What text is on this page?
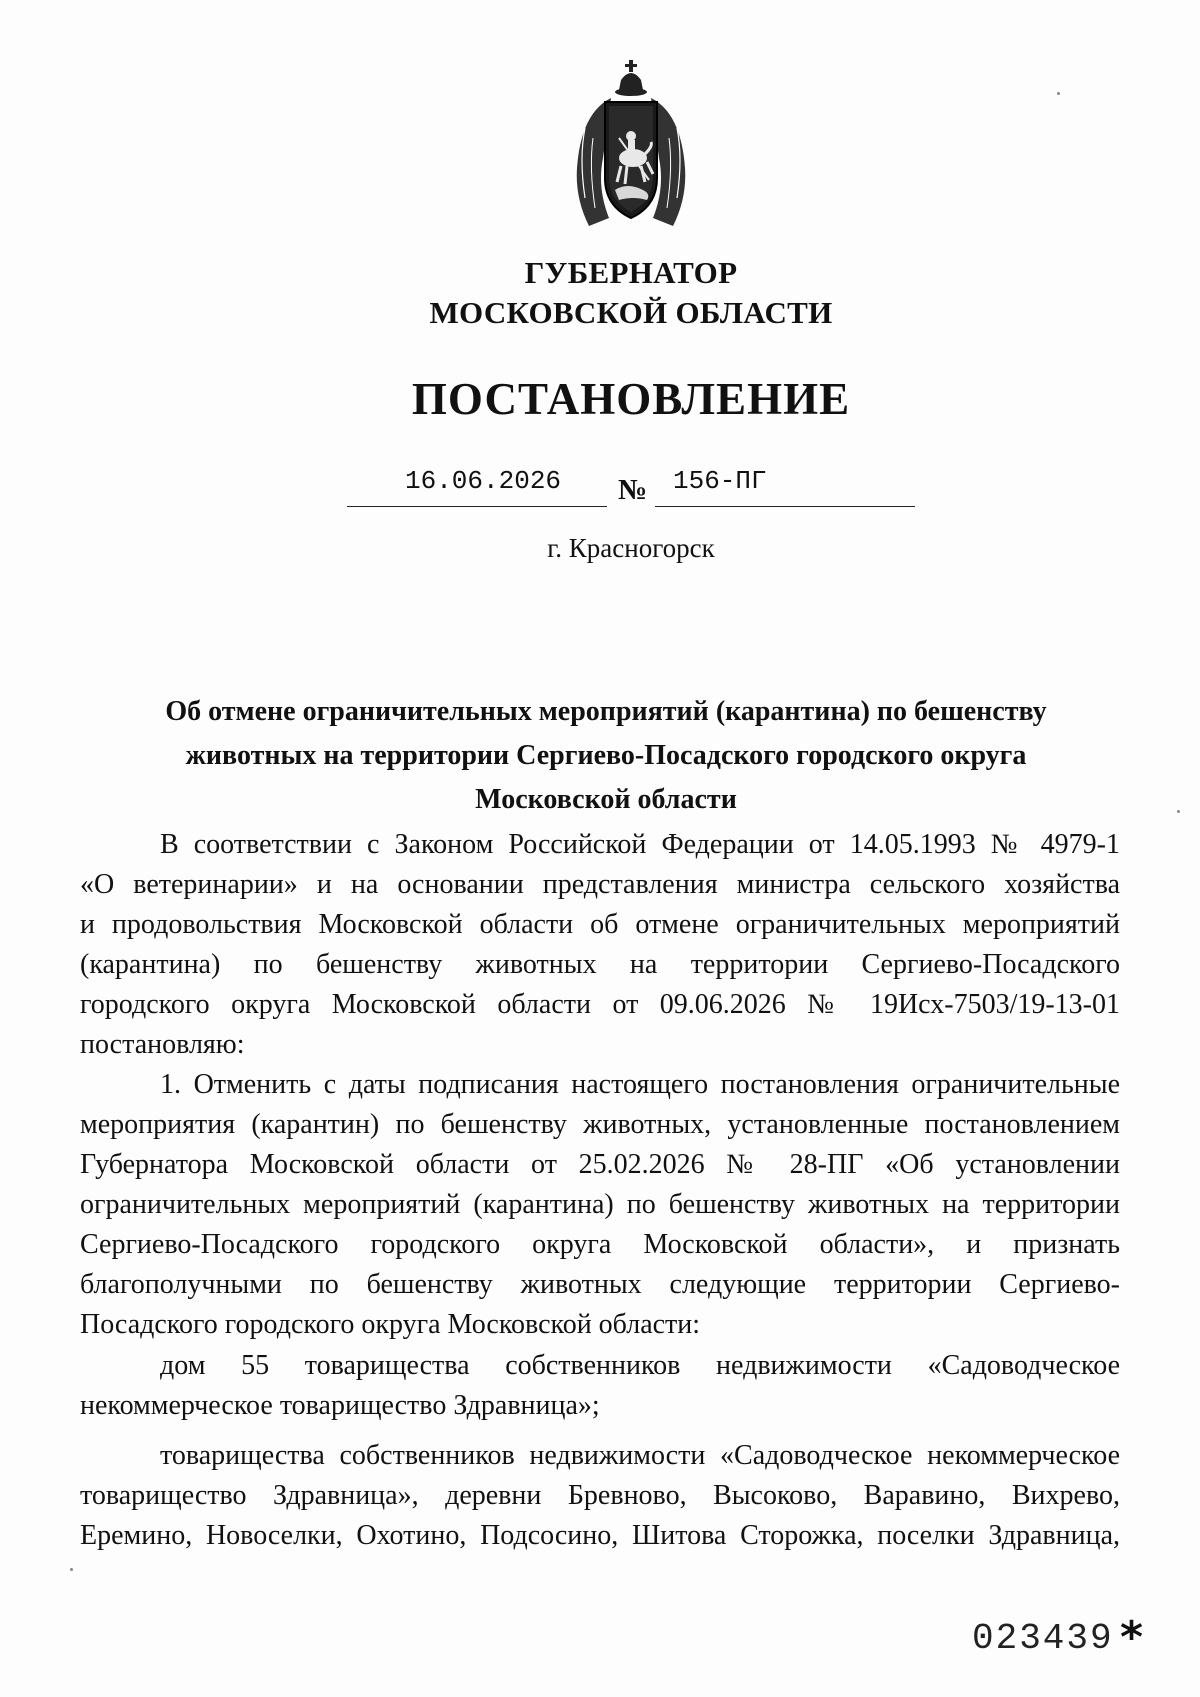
ГУБЕРНАТОР
МОСКОВСКОЙ ОБЛАСТИ
ПОСТАНОВЛЕНИЕ
16.06.2026 № 156-ПГ
г. Красногорск
Об отмене ограничительных мероприятий (карантина) по бешенству
животных на территории Сергиево-Посадского городского округа
Московской области
В соответствии с Законом Российской Федерации от 14.05.1993 № 4979-1
«О ветеринарии» и на основании представления министра сельского хозяйства
и продовольствия Московской области об отмене ограничительных мероприятий
(карантина) по бешенству животных на территории Сергиево-Посадского
городского округа Московской области от 09.06.2026 № 19Исх-7503/19-13-01
постановляю:
1. Отменить с даты подписания настоящего постановления ограничительные
мероприятия (карантин) по бешенству животных, установленные постановлением
Губернатора Московской области от 25.02.2026 № 28-ПГ «Об установлении
ограничительных мероприятий (карантина) по бешенству животных на территории
Сергиево-Посадского городского округа Московской области», и признать
благополучными по бешенству животных следующие территории Сергиево-
Посадского городского округа Московской области:
дом 55 товарищества собственников недвижимости «Садоводческое
некоммерческое товарищество Здравница»;
товарищества собственников недвижимости «Садоводческое некоммерческое
товарищество Здравница», деревни Бревново, Высоково, Варавино, Вихрево,
Еремино, Новоселки, Охотино, Подсосино, Шитова Сторожка, поселки Здравница,
023439 *
